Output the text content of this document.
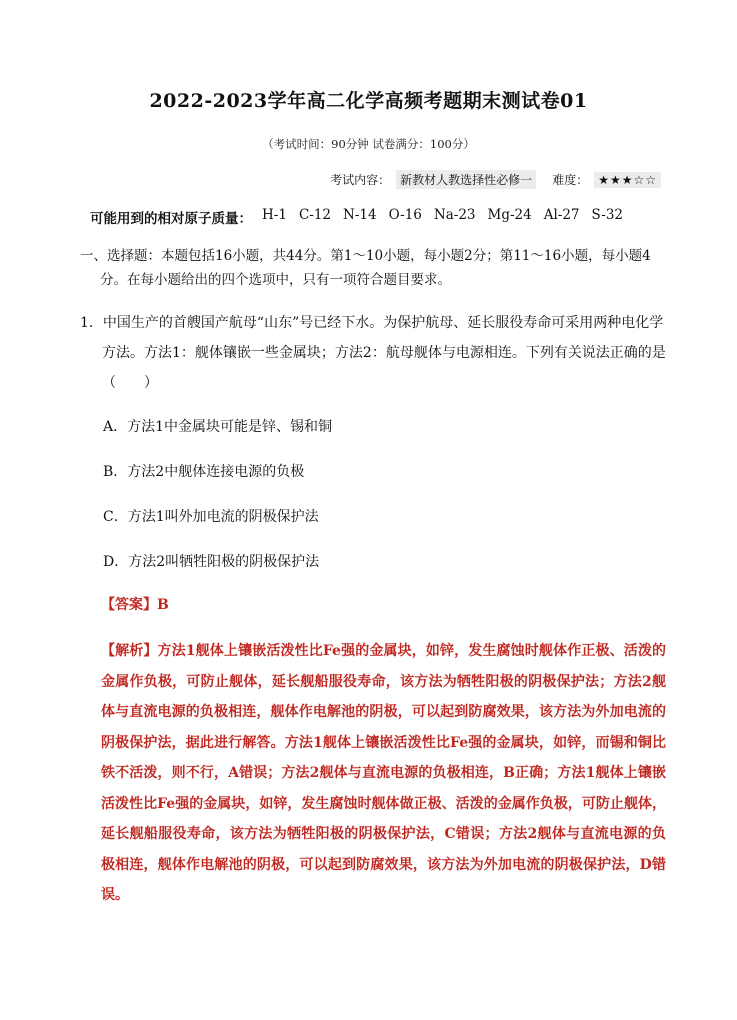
2022-2023学年高二化学高频考题期末测试卷01
（考试时间：90分钟 试卷满分：100分）
考试内容： 新教材人教选择性必修一	难度： ★★★☆☆
可能用到的相对原子质量： H-1 C-12 N-14 O-16 Na-23 Mg-24 Al-27 S-32
一、选择题：本题包括16小题，共44分。第1～10小题，每小题2分；第11～16小题，每小题4分。在每小题给出的四个选项中，只有一项符合题目要求。
1．中国生产的首艘国产航母“山东”号已经下水。为保护航母、延长服役寿命可采用两种电化学方法。方法1：舰体镶嵌一些金属块；方法2：航母舰体与电源相连。下列有关说法正确的是（　　）
A．方法1中金属块可能是锌、锡和铜
B．方法2中舰体连接电源的负极
C．方法1叫外加电流的阴极保护法
D．方法2叫牺牲阳极的阴极保护法
【答案】B
【解析】方法1舰体上镶嵌活泼性比Fe强的金属块，如锌，发生腐蚀时舰体作正极、活泼的金属作负极，可防止舰体，延长舰船服役寿命，该方法为牺牲阳极的阴极保护法；方法2舰体与直流电源的负极相连，舰体作电解池的阴极，可以起到防腐效果，该方法为外加电流的阴极保护法，据此进行解答。方法1舰体上镶嵌活泼性比Fe强的金属块，如锌，而锡和铜比铁不活泼，则不行，A错误；方法2舰体与直流电源的负极相连，B正确；方法1舰体上镶嵌活泼性比Fe强的金属块，如锌，发生腐蚀时舰体做正极、活泼的金属作负极，可防止舰体，延长舰船服役寿命，该方法为牺牲阳极的阴极保护法，C错误；方法2舰体与直流电源的负极相连，舰体作电解池的阴极，可以起到防腐效果，该方法为外加电流的阴极保护法，D错误。
